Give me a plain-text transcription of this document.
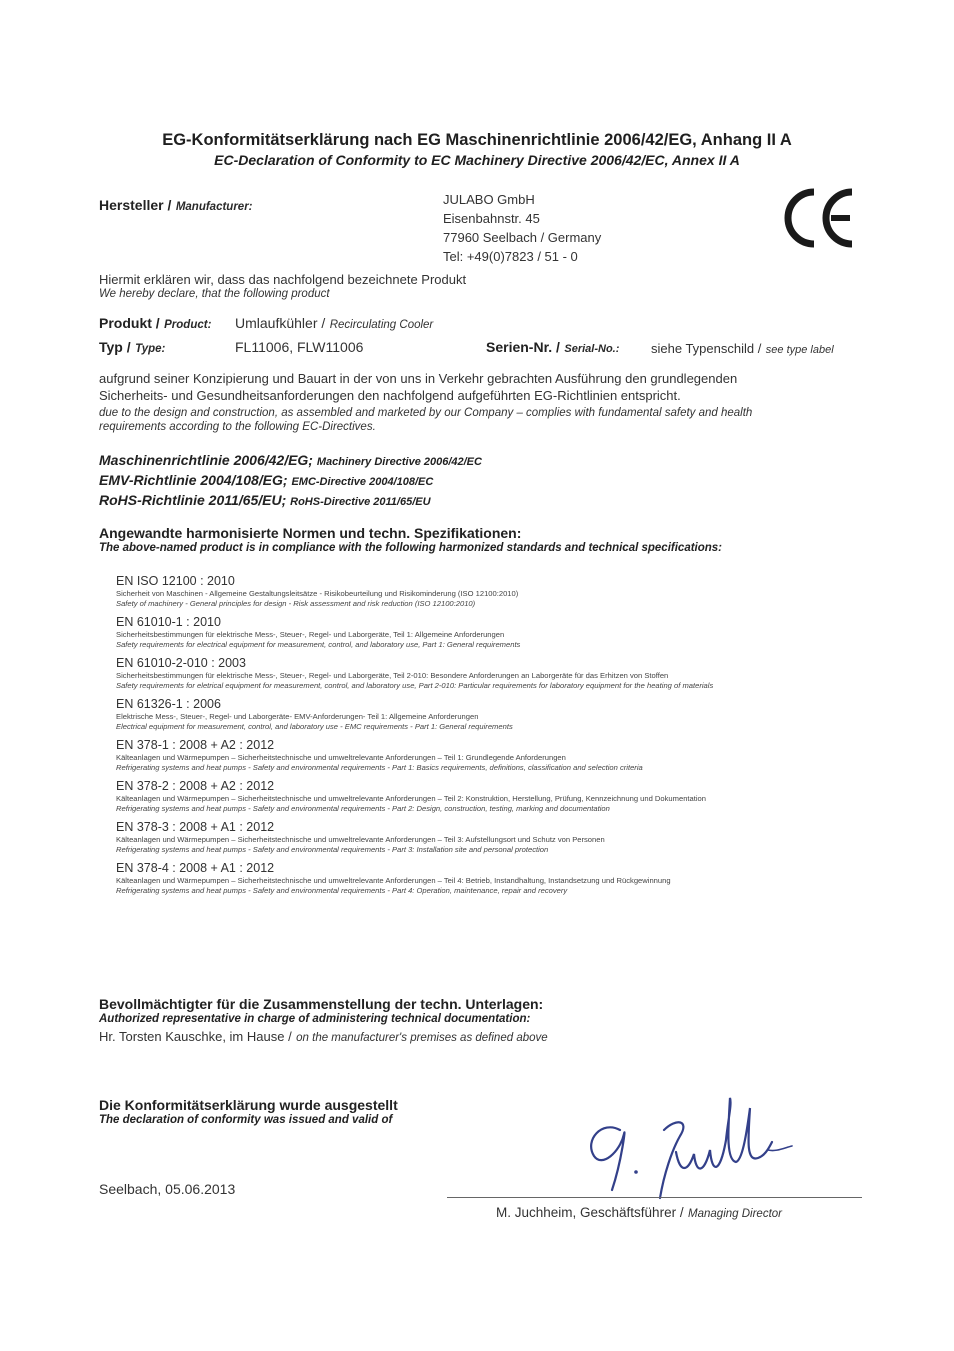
EG-Konformitätserklärung nach EG Maschinenrichtlinie 2006/42/EG, Anhang II A
EC-Declaration of Conformity to EC Machinery Directive 2006/42/EC, Annex II A
Hersteller / Manufacturer:	JULABO GmbH
Eisenbahnstr. 45
77960 Seelbach / Germany
Tel: +49(0)7823 / 51 - 0
Hiermit erklären wir, dass das nachfolgend bezeichnete Produkt
We hereby declare, that the following product
Produkt / Product: Umlaufkühler / Recirculating Cooler
Typ / Type:	FL11006, FLW11006	Serien-Nr. / Serial-No.: siehe Typenschild / see type label
aufgrund seiner Konzipierung und Bauart in der von uns in Verkehr gebrachten Ausführung den grundlegenden
Sicherheits- und Gesundheitsanforderungen den nachfolgend aufgeführten EG-Richtlinien entspricht.
due to the design and construction, as assembled and marketed by our Company – complies with fundamental safety and health
requirements according to the following EC-Directives.
Maschinenrichtlinie 2006/42/EG; Machinery Directive 2006/42/EC
EMV-Richtlinie 2004/108/EG; EMC-Directive 2004/108/EC
RoHS-Richtlinie 2011/65/EU; RoHS-Directive 2011/65/EU
Angewandte harmonisierte Normen und techn. Spezifikationen:
The above-named product is in compliance with the following harmonized standards and technical specifications:
EN ISO 12100 : 2010
Sicherheit von Maschinen - Allgemeine Gestaltungsleitsätze - Risikobeurteilung und Risikominderung (ISO 12100:2010)
Safety of machinery - General principles for design - Risk assessment and risk reduction (ISO 12100:2010)
EN 61010-1 : 2010
Sicherheitsbestimmungen für elektrische Mess-, Steuer-, Regel- und Laborgeräte, Teil 1: Allgemeine Anforderungen
Safety requirements for electrical equipment for measurement, control, and laboratory use, Part 1: General requirements
EN 61010-2-010 : 2003
Sicherheitsbestimmungen für elektrische Mess-, Steuer-, Regel- und Laborgeräte, Teil 2-010: Besondere Anforderungen an Laborgeräte für das Erhitzen von Stoffen
Safety requirements for eletrical equipment for measurement, control, and laboratory use, Part 2-010: Particular requirements for laboratory equipment for the heating of materials
EN 61326-1 : 2006
Elektrische Mess-, Steuer-, Regel- und Laborgeräte- EMV-Anforderungen- Teil 1: Allgemeine Anforderungen
Electrical equipment for measurement, control, and laboratory use - EMC requirements - Part 1: General requirements
EN 378-1 : 2008 + A2 : 2012
Kälteanlagen und Wärmepumpen – Sicherheitstechnische und umweltrelevante Anforderungen – Teil 1: Grundlegende Anforderungen
Refrigerating systems and heat pumps - Safety and environmental requirements - Part 1: Basics requirements, definitions, classification and selection criteria
EN 378-2 : 2008 + A2 : 2012
Kälteanlagen und Wärmepumpen – Sicherheitstechnische und umweltrelevante Anforderungen – Teil 2: Konstruktion, Herstellung, Prüfung, Kennzeichnung und Dokumentation
Refrigerating systems and heat pumps - Safety and environmental requirements - Part 2: Design, construction, testing, marking and documentation
EN 378-3 : 2008 + A1 : 2012
Kälteanlagen und Wärmepumpen – Sicherheitstechnische und umweltrelevante Anforderungen – Teil 3: Aufstellungsort und Schutz von Personen
Refrigerating systems and heat pumps - Safety and environmental requirements - Part 3: Installation site and personal protection
EN 378-4 : 2008 + A1 : 2012
Kälteanlagen und Wärmepumpen – Sicherheitstechnische und umweltrelevante Anforderungen – Teil 4: Betrieb, Instandhaltung, Instandsetzung und Rückgewinnung
Refrigerating systems and heat pumps - Safety and environmental requirements - Part 4: Operation, maintenance, repair and recovery
Bevollmächtigter für die Zusammenstellung der techn. Unterlagen:
Authorized representative in charge of administering technical documentation:
Hr. Torsten Kauschke, im Hause / on the manufacturer's premises as defined above
Die Konformitätserklärung wurde ausgestellt
The declaration of conformity was issued and valid of
Seelbach, 05.06.2013
M. Juchheim, Geschäftsführer / Managing Director
